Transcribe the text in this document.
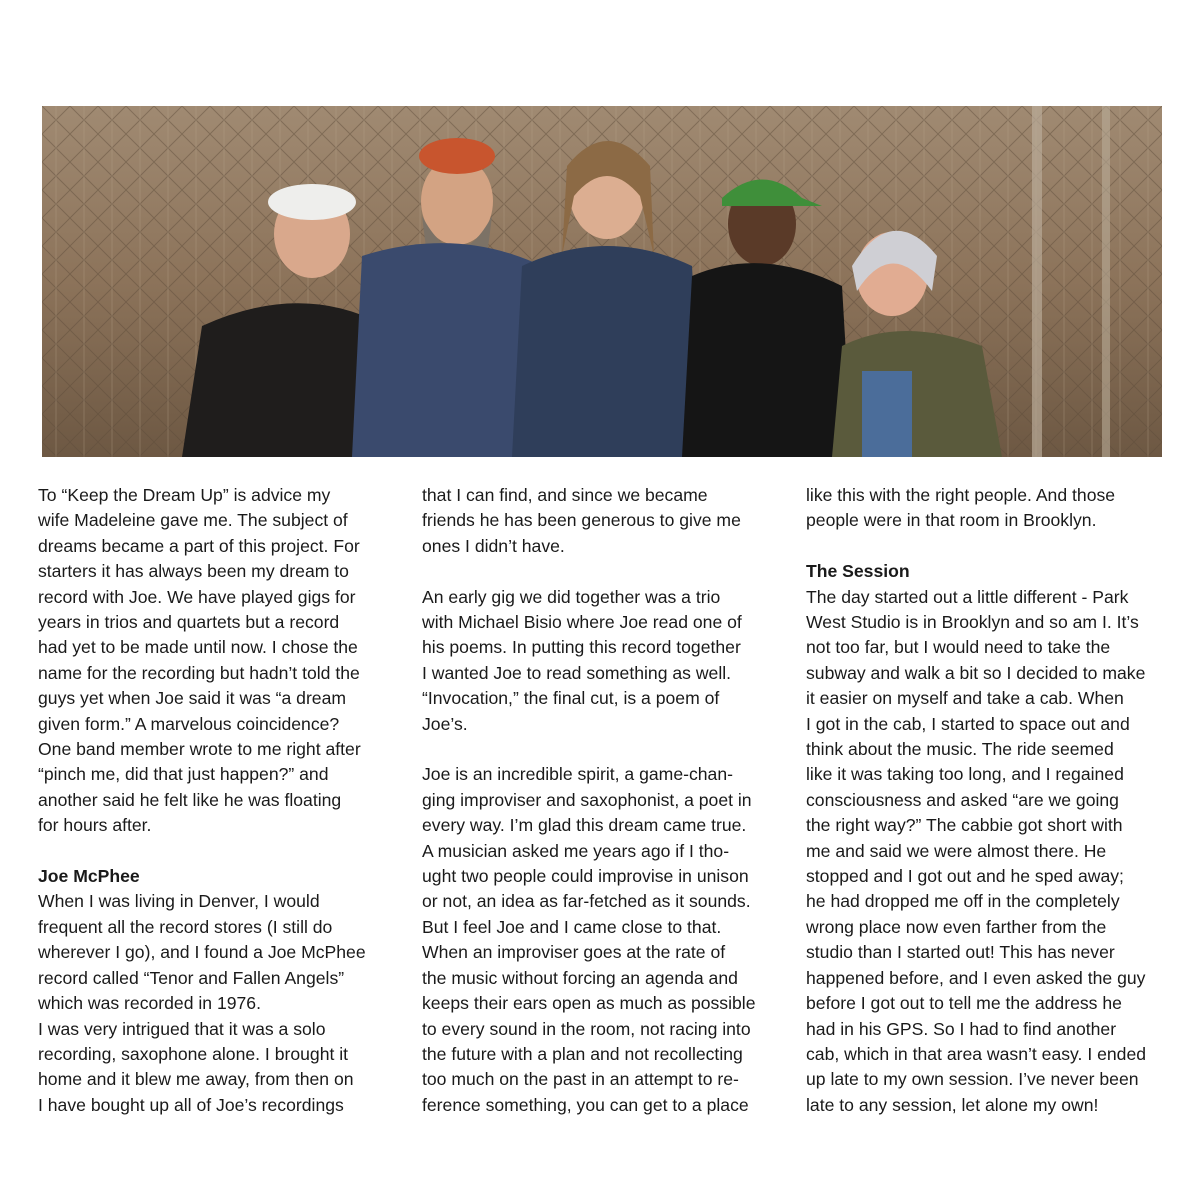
To “Keep the Dream Up” is advice my
wife Madeleine gave me. The subject of
dreams became a part of this project. For
starters it has always been my dream to
record with Joe. We have played gigs for
years in trios and quartets but a record
had yet to be made until now. I chose the
name for the recording but hadn’t told the
guys yet when Joe said it was “a dream
given form.” A marvelous coincidence?
One band member wrote to me right after
“pinch me, did that just happen?” and
another said he felt like he was floating
for hours after.

Joe McPhee

When I was living in Denver, I would
frequent all the record stores (I still do
wherever I go), and I found a Joe McPhee
record called “Tenor and Fallen Angels”
which was recorded in 1976.

I was very intrigued that it was a solo
recording, saxophone alone. I brought it
home and it blew me away, from then on
I have bought up all of Joe’s recordings

that I can find, and since we became
friends he has been generous to give me
ones I didn’t have.

An early gig we did together was a trio
with Michael Bisio where Joe read one of
his poems. In putting this record together
I wanted Joe to read something as well.
“Invocation,” the final cut, is a poem of
Joe’s.

Joe is an incredible spirit, a game-chan-
ging improviser and saxophonist, a poet in
every way. I’m glad this dream came true.
A musician asked me years ago if I tho-
ught two people could improvise in unison
or not, an idea as far-fetched as it sounds.
But I feel Joe and I came close to that.
When an improviser goes at the rate of
the music without forcing an agenda and
keeps their ears open as much as possible
to every sound in the room, not racing into
the future with a plan and not recollecting
too much on the past in an attempt to re-
ference something, you can get to a place

like this with the right people. And those
people were in that room in Brooklyn.

The Session

The day started out a little different - Park
West Studio is in Brooklyn and so am I. It’s
not too far, but I would need to take the
subway and walk a bit so I decided to make
it easier on myself and take a cab. When
I got in the cab, I started to space out and
think about the music. The ride seemed
like it was taking too long, and I regained
consciousness and asked “are we going
the right way?” The cabbie got short with
me and said we were almost there. He
stopped and I got out and he sped away;
he had dropped me off in the completely
wrong place now even farther from the
studio than I started out! This has never
happened before, and I even asked the guy
before I got out to tell me the address he
had in his GPS. So I had to find another
cab, which in that area wasn’t easy. I ended
up late to my own session. I’ve never been
late to any session, let alone my own!
